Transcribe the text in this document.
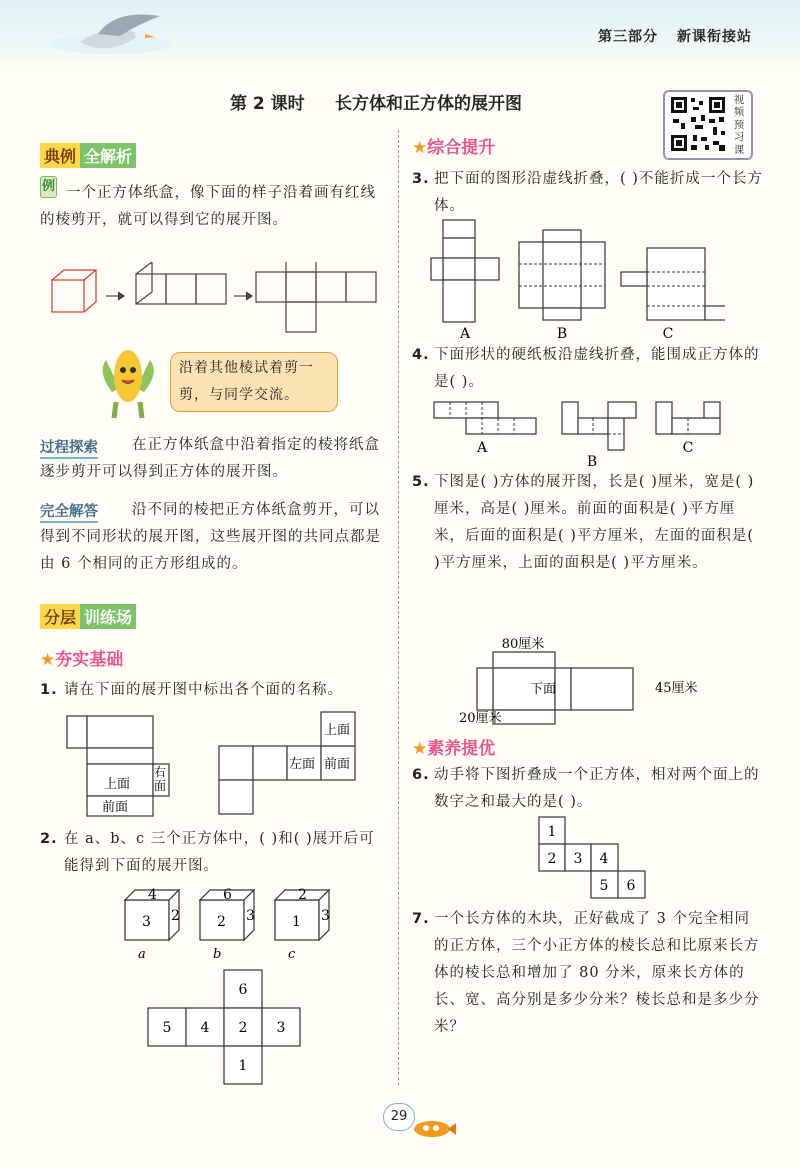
第三部分 新课衔接站
第 2 课时 长方体和正方体的展开图	视
频
预
习
课
典例 全解析
例 一个正方体纸盒，像下面的样子沿着画有红线的棱剪开，就可以得到它的展开图。
沿着其他棱试着剪一剪，与同学交流。
过程探索	在正方体纸盒中沿着指定的棱将纸盒逐步剪开可以得到正方体的展开图。
完全解答	沿不同的棱把正方体纸盒剪开，可以得到不同形状的展开图，这些展开图的共同点都是由 6 个相同的正方形组成的。
分层 训练场
★夯实基础
1. 请在下面的展开图中标出各个面的名称。
上面
右面
前面
上面
左面 前面
2. 在 a、b、c 三个正方体中，( )和( )展开后可能得到下面的展开图。
3
4
2	2
6
3	1
2
3
a	b	c
6
5 4 2 3
1
★综合提升
3. 把下面的图形沿虚线折叠，( )不能折成一个长方体。
A	B	C
4. 下面形状的硬纸板沿虚线折叠，能围成正方体的是( )。
A
B
C
5. 下图是( )方体的展开图，长是( )厘米，宽是( )厘米，高是( )厘米。前面的面积是( )平方厘米，后面的面积是( )平方厘米，左面的面积是( )平方厘米，上面的面积是( )平方厘米。
80厘米
45厘米
20厘米
下面
★素养提优
6. 动手将下图折叠成一个正方体，相对两个面上的数字之和最大的是( )。
1
2 3 4
5 6
7. 一个长方体的木块，正好截成了 3 个完全相同的正方体，三个小正方体的棱长总和比原来长方体的棱长总和增加了 80 分米，原来长方体的长、宽、高分别是多少分米？棱长总和是多少分米？
29
